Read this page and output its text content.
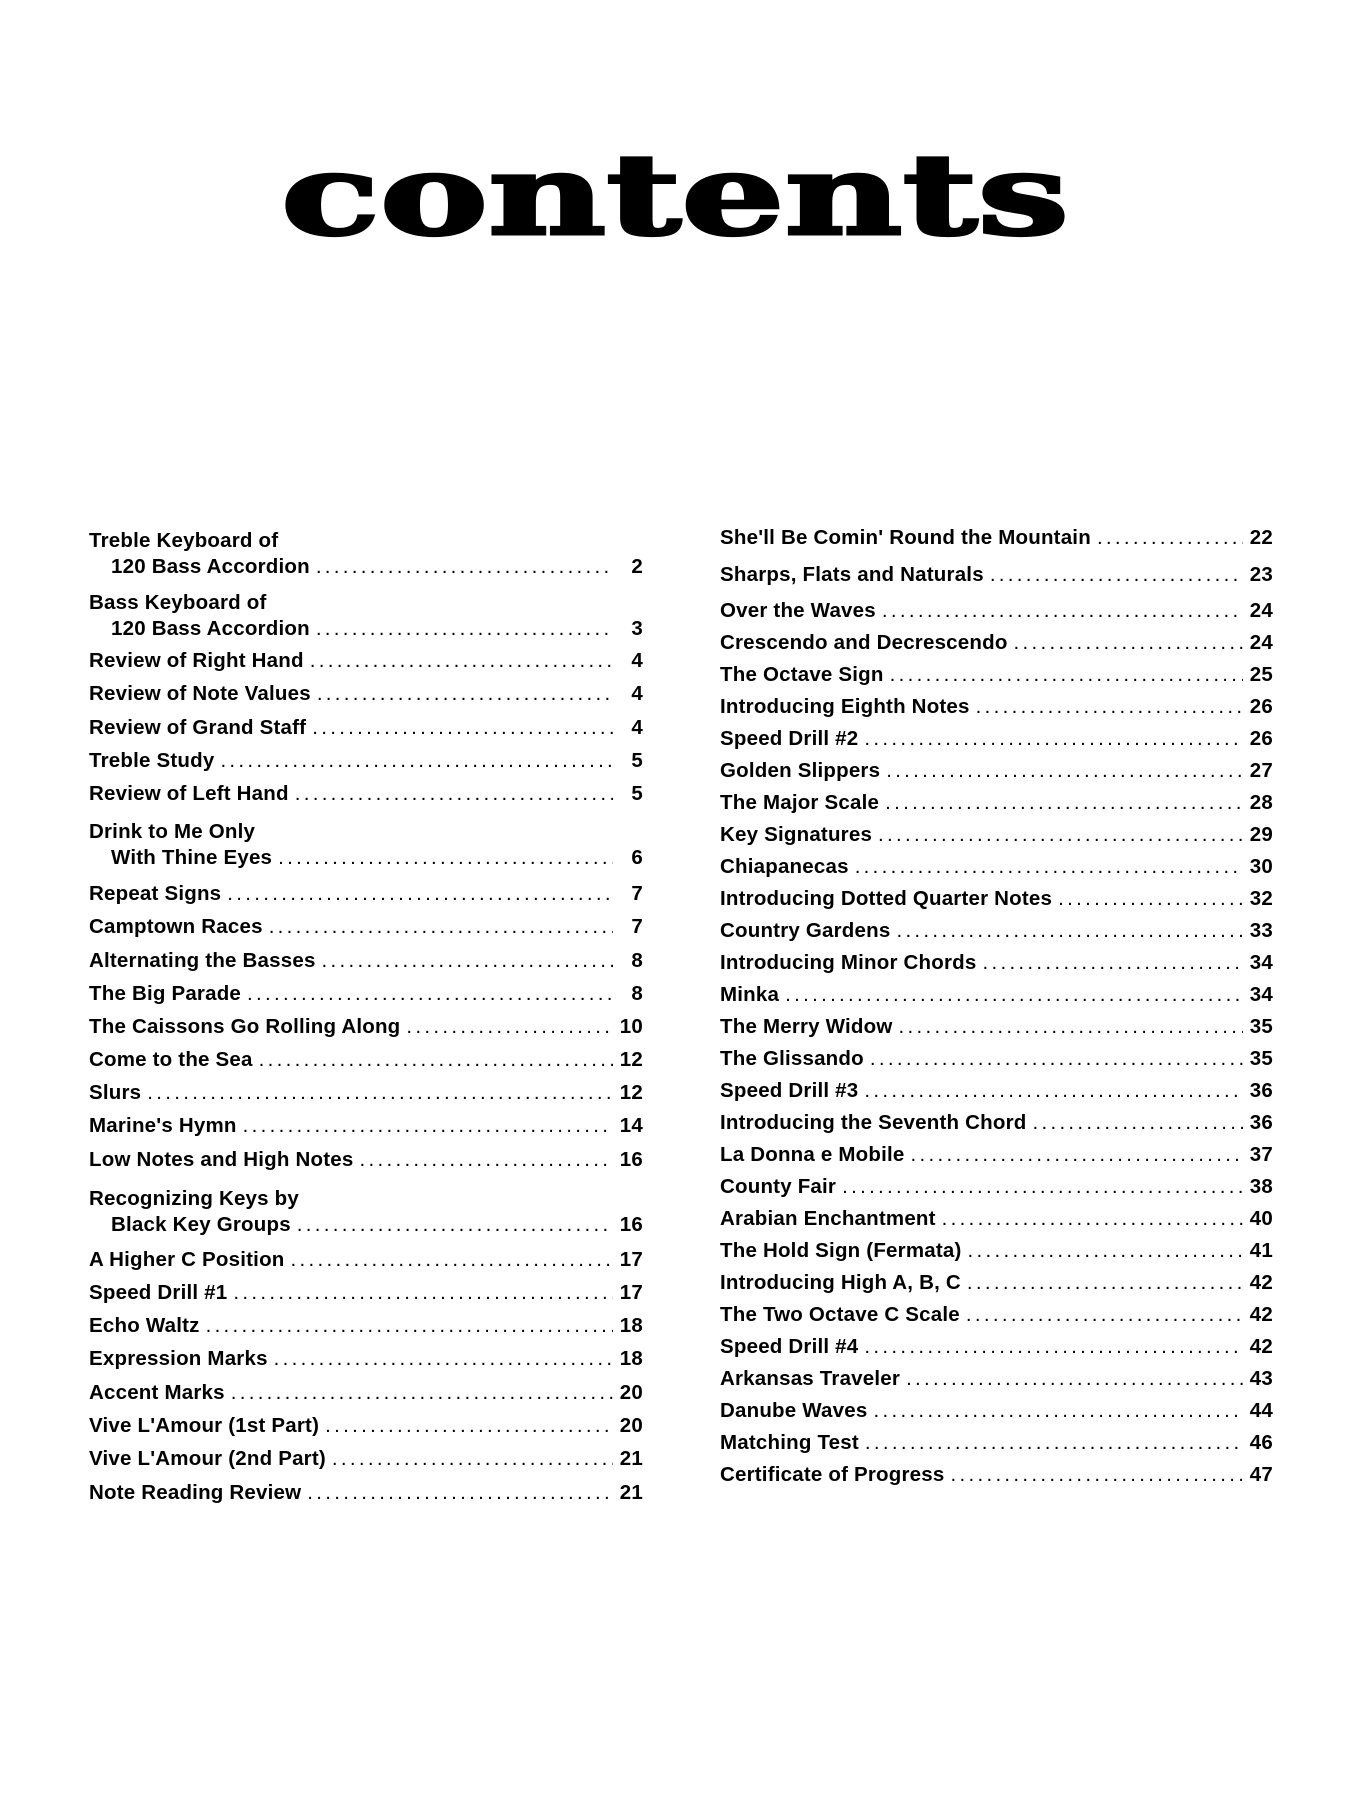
contents
Treble Keyboard of
120 Bass Accordion . . .	2
Bass Keyboard of
120 Bass Accordion . . .	3
Review of Right Hand . . .	4
Review of Note Values . . .	4
Review of Grand Staff . . .	4
Treble Study . . .	5
Review of Left Hand . . .	5
Drink to Me Only
With Thine Eyes . . .	6
Repeat Signs . . .	7
Camptown Races . . .	7
Alternating the Basses . . .	8
The Big Parade . . .	8
The Caissons Go Rolling Along . . .	10
Come to the Sea . . .	12
Slurs . . .	12
Marine's Hymn . . .	14
Low Notes and High Notes . . .	16
Recognizing Keys by
Black Key Groups . . .	16
A Higher C Position . . .	17
Speed Drill #1 . . .	17
Echo Waltz . . .	18
Expression Marks . . .	18
Accent Marks . . .	20
Vive L'Amour (1st Part) . . .	20
Vive L'Amour (2nd Part) . . .	21
Note Reading Review . . .	21
She'll Be Comin' Round the Mountain . . .	22
Sharps, Flats and Naturals . . .	23
Over the Waves . . .	24
Crescendo and Decrescendo . . .	24
The Octave Sign . . .	25
Introducing Eighth Notes . . .	26
Speed Drill #2 . . .	26
Golden Slippers . . .	27
The Major Scale . . .	28
Key Signatures . . .	29
Chiapanecas . . .	30
Introducing Dotted Quarter Notes . . .	32
Country Gardens . . .	33
Introducing Minor Chords . . .	34
Minka . . .	34
The Merry Widow . . .	35
The Glissando . . .	35
Speed Drill #3 . . .	36
Introducing the Seventh Chord . . .	36
La Donna e Mobile . . .	37
County Fair . . .	38
Arabian Enchantment . . .	40
The Hold Sign (Fermata) . . .	41
Introducing High A, B, C . . .	42
The Two Octave C Scale . . .	42
Speed Drill #4 . . .	42
Arkansas Traveler . . .	43
Danube Waves . . .	44
Matching Test . . .	46
Certificate of Progress . . .	47
